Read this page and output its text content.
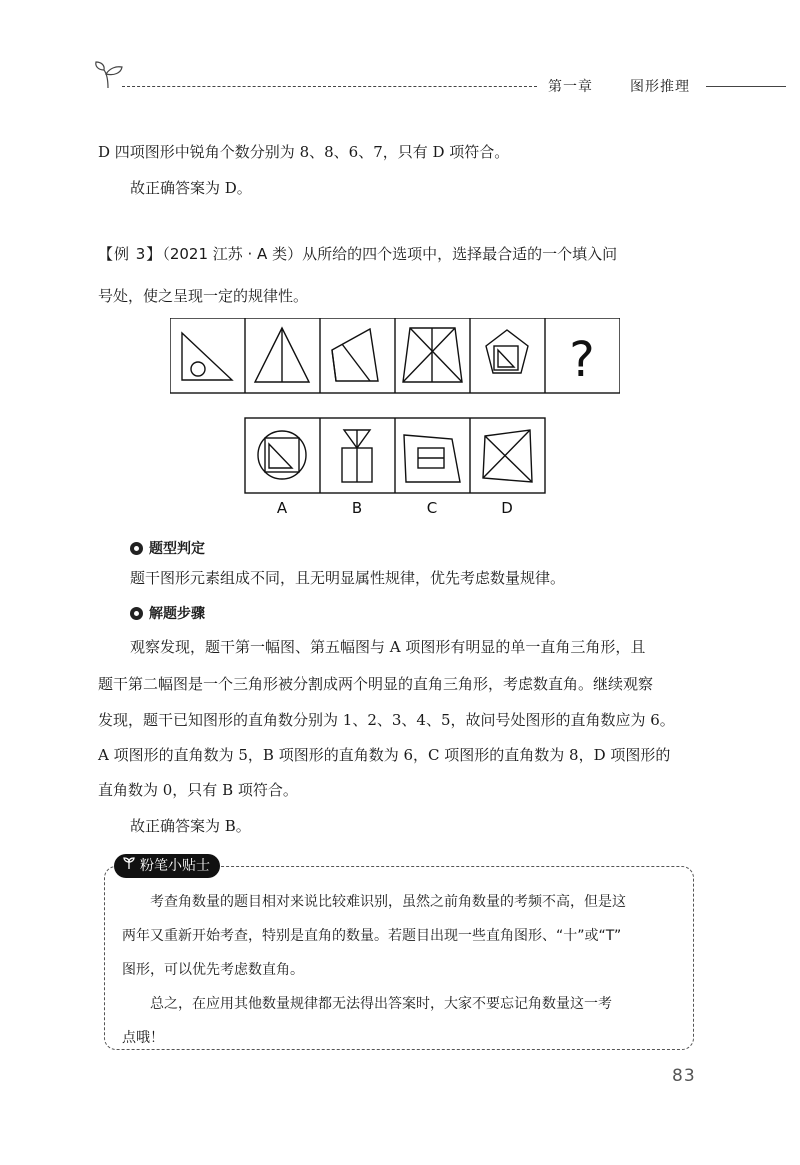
第一章	图形推理
D 四项图形中锐角个数分别为 8、8、6、7，只有 D 项符合。
故正确答案为 D。
【例 3】（2021 江苏 · A 类）从所给的四个选项中，选择最合适的一个填入问
号处，使之呈现一定的规律性。
?
A	B	C	D
题型判定
题干图形元素组成不同，且无明显属性规律，优先考虑数量规律。
解题步骤
观察发现，题干第一幅图、第五幅图与 A 项图形有明显的单一直角三角形，且
题干第二幅图是一个三角形被分割成两个明显的直角三角形，考虑数直角。继续观察
发现，题干已知图形的直角数分别为 1、2、3、4、5，故问号处图形的直角数应为 6。
A 项图形的直角数为 5，B 项图形的直角数为 6，C 项图形的直角数为 8，D 项图形的
直角数为 0，只有 B 项符合。
故正确答案为 B。
粉笔小贴士
考查角数量的题目相对来说比较难识别，虽然之前角数量的考频不高，但是这
两年又重新开始考查，特别是直角的数量。若题目出现一些直角图形、“十”或“T”
图形，可以优先考虑数直角。
总之，在应用其他数量规律都无法得出答案时，大家不要忘记角数量这一考
点哦！
83
